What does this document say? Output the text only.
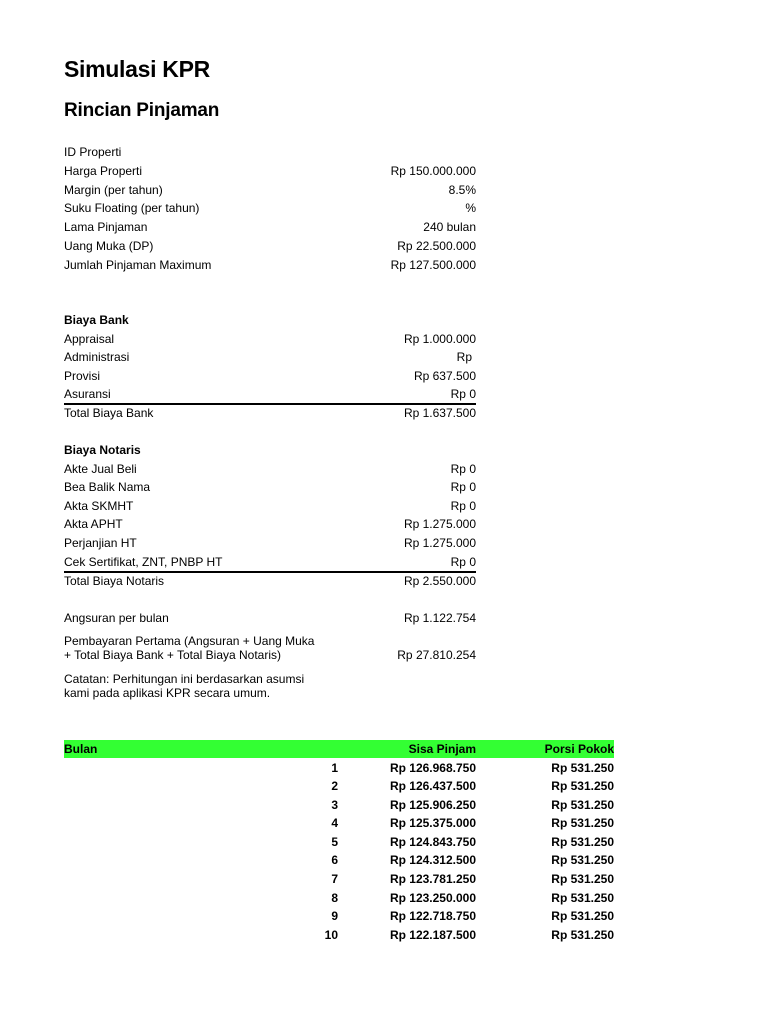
Simulasi KPR
Rincian Pinjaman
ID Properti
Harga Properti	Rp 150.000.000
Margin (per tahun)	8.5%
Suku Floating (per tahun)	%
Lama Pinjaman	240 bulan
Uang Muka (DP)	Rp 22.500.000
Jumlah Pinjaman Maximum	Rp 127.500.000
Biaya Bank
Appraisal	Rp 1.000.000
Administrasi	Rp
Provisi	Rp 637.500
Asuransi	Rp 0
Total Biaya Bank	Rp 1.637.500
Biaya Notaris
Akte Jual Beli	Rp 0
Bea Balik Nama	Rp 0
Akta SKMHT	Rp 0
Akta APHT	Rp 1.275.000
Perjanjian HT	Rp 1.275.000
Cek Sertifikat, ZNT, PNBP HT	Rp 0
Total Biaya Notaris	Rp 2.550.000
Angsuran per bulan	Rp 1.122.754
Pembayaran Pertama (Angsuran + Uang Muka
+ Total Biaya Bank + Total Biaya Notaris)	Rp 27.810.254
Catatan: Perhitungan ini berdasarkan asumsi
kami pada aplikasi KPR secara umum.
Bulan	Sisa Pinjam	Porsi Pokok
1	Rp 126.968.750	Rp 531.250
2	Rp 126.437.500	Rp 531.250
3	Rp 125.906.250	Rp 531.250
4	Rp 125.375.000	Rp 531.250
5	Rp 124.843.750	Rp 531.250
6	Rp 124.312.500	Rp 531.250
7	Rp 123.781.250	Rp 531.250
8	Rp 123.250.000	Rp 531.250
9	Rp 122.718.750	Rp 531.250
10	Rp 122.187.500	Rp 531.250
